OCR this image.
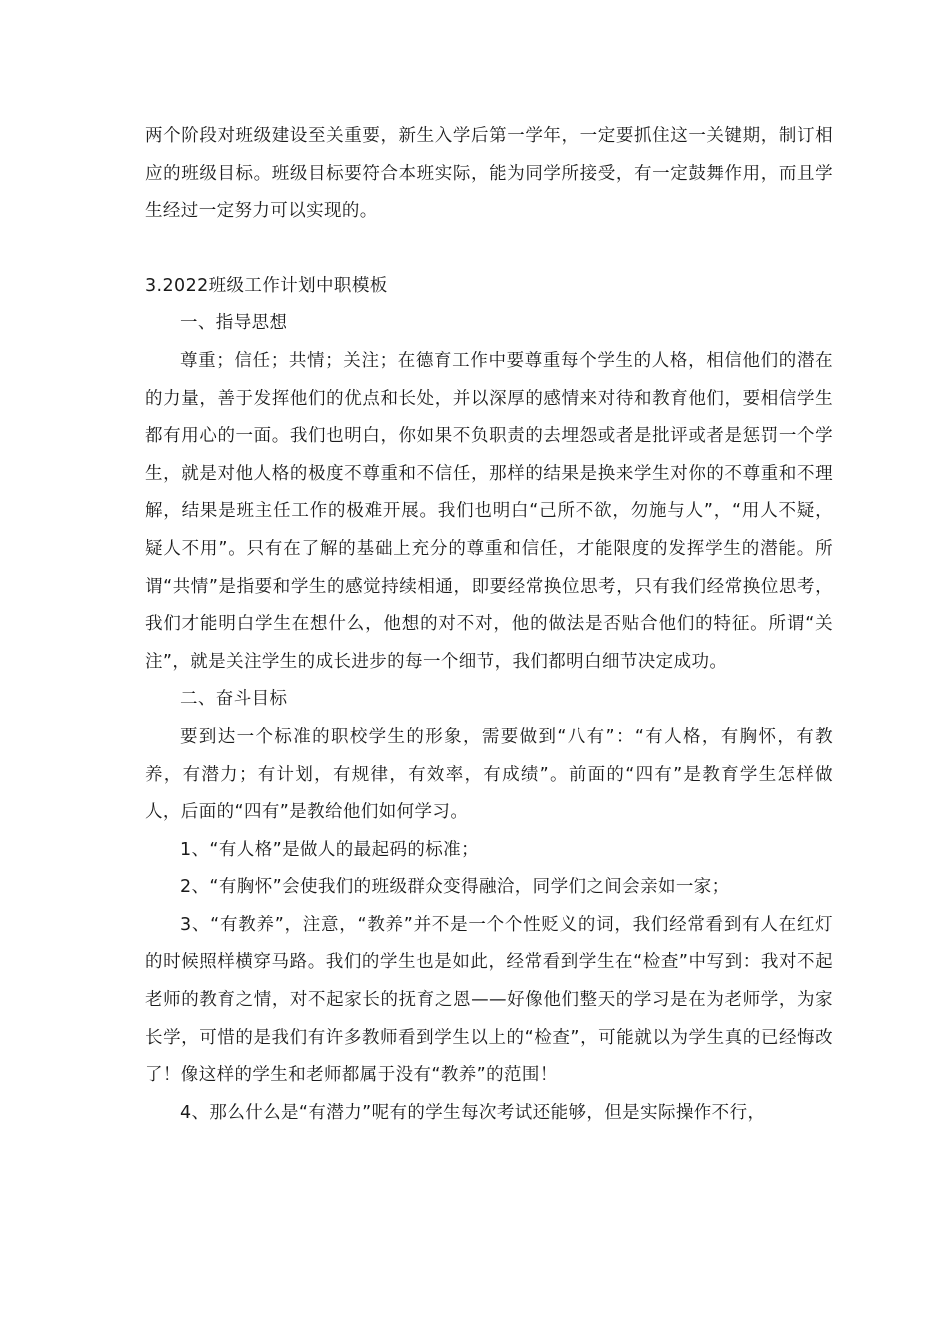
两个阶段对班级建设至关重要，新生入学后第一学年，一定要抓住这一关键期，制订相应的班级目标。班级目标要符合本班实际，能为同学所接受，有一定鼓舞作用，而且学生经过一定努力可以实现的。

3.2022班级工作计划中职模板

一、指导思想

尊重；信任；共情；关注；在德育工作中要尊重每个学生的人格，相信他们的潜在的力量，善于发挥他们的优点和长处，并以深厚的感情来对待和教育他们，要相信学生都有用心的一面。我们也明白，你如果不负职责的去埋怨或者是批评或者是惩罚一个学生，就是对他人格的极度不尊重和不信任，那样的结果是换来学生对你的不尊重和不理解，结果是班主任工作的极难开展。我们也明白“己所不欲，勿施与人”，“用人不疑，疑人不用”。只有在了解的基础上充分的尊重和信任，才能限度的发挥学生的潜能。所谓“共情”是指要和学生的感觉持续相通，即要经常换位思考，只有我们经常换位思考，我们才能明白学生在想什么，他想的对不对，他的做法是否贴合他们的特征。所谓“关注”，就是关注学生的成长进步的每一个细节，我们都明白细节决定成功。

二、奋斗目标

要到达一个标准的职校学生的形象，需要做到“八有”：“有人格，有胸怀，有教养，有潜力；有计划，有规律，有效率，有成绩”。前面的“四有”是教育学生怎样做人，后面的“四有”是教给他们如何学习。

1、“有人格”是做人的最起码的标准；

2、“有胸怀”会使我们的班级群众变得融洽，同学们之间会亲如一家；

3、“有教养”，注意，“教养”并不是一个个性贬义的词，我们经常看到有人在红灯的时候照样横穿马路。我们的学生也是如此，经常看到学生在“检查”中写到：我对不起老师的教育之情，对不起家长的抚育之恩——好像他们整天的学习是在为老师学，为家长学，可惜的是我们有许多教师看到学生以上的“检查”，可能就以为学生真的已经悔改了！像这样的学生和老师都属于没有“教养”的范围！

4、那么什么是“有潜力”呢有的学生每次考试还能够，但是实际操作不行，
